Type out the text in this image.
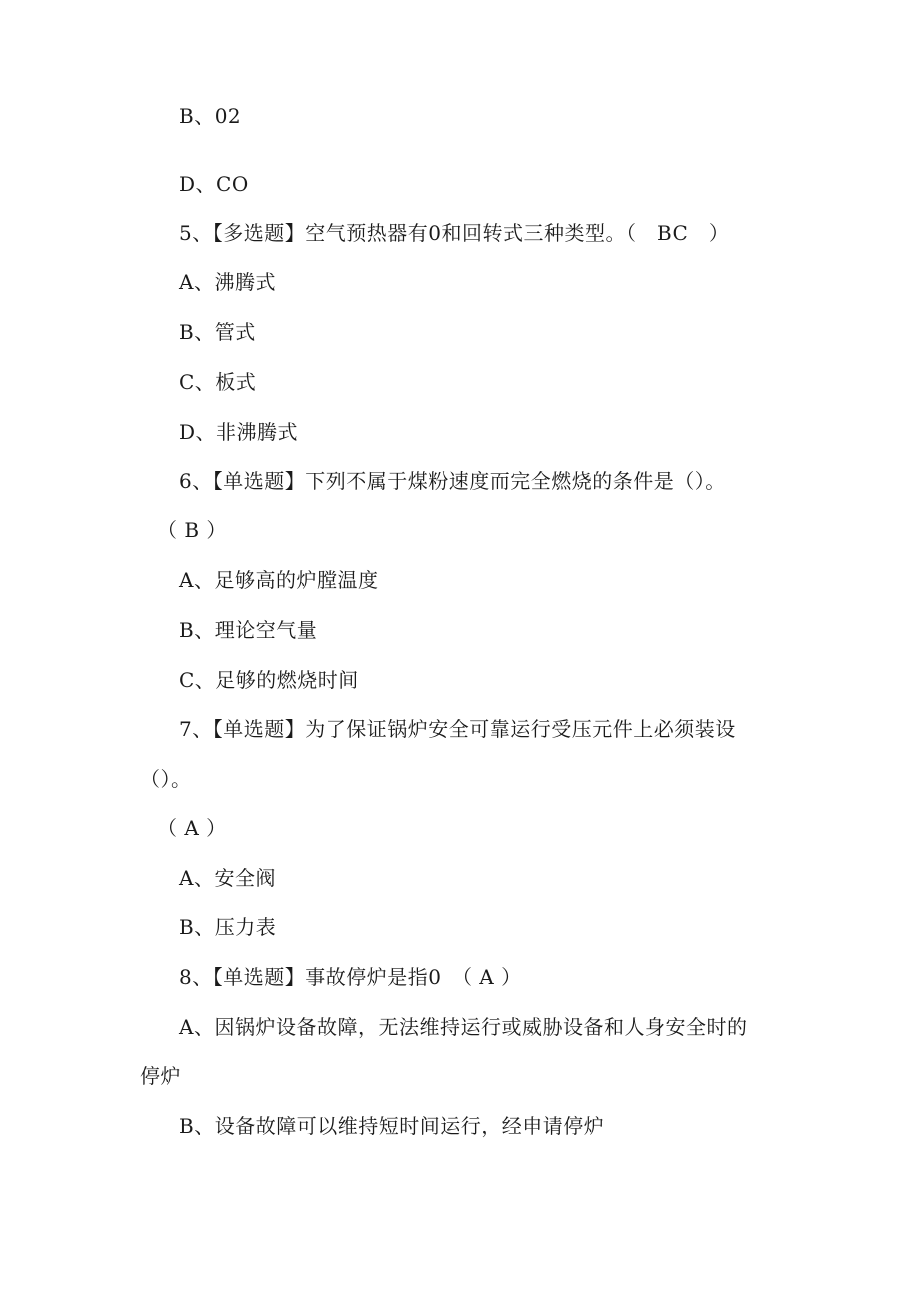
B、02
D、CO
5、【多选题】空气预热器有0和回转式三种类型。（　BC　）
A、沸腾式
B、管式
C、板式
D、非沸腾式
6、【单选题】下列不属于煤粉速度而完全燃烧的条件是（）。
（ B ）
A、足够高的炉膛温度
B、理论空气量
C、足够的燃烧时间
7、【单选题】为了保证锅炉安全可靠运行受压元件上必须装设
（）。
（ A ）
A、安全阀
B、压力表
8、【单选题】事故停炉是指0　（ A ）
A、因锅炉设备故障，无法维持运行或威胁设备和人身安全时的
停炉
B、设备故障可以维持短时间运行，经申请停炉
